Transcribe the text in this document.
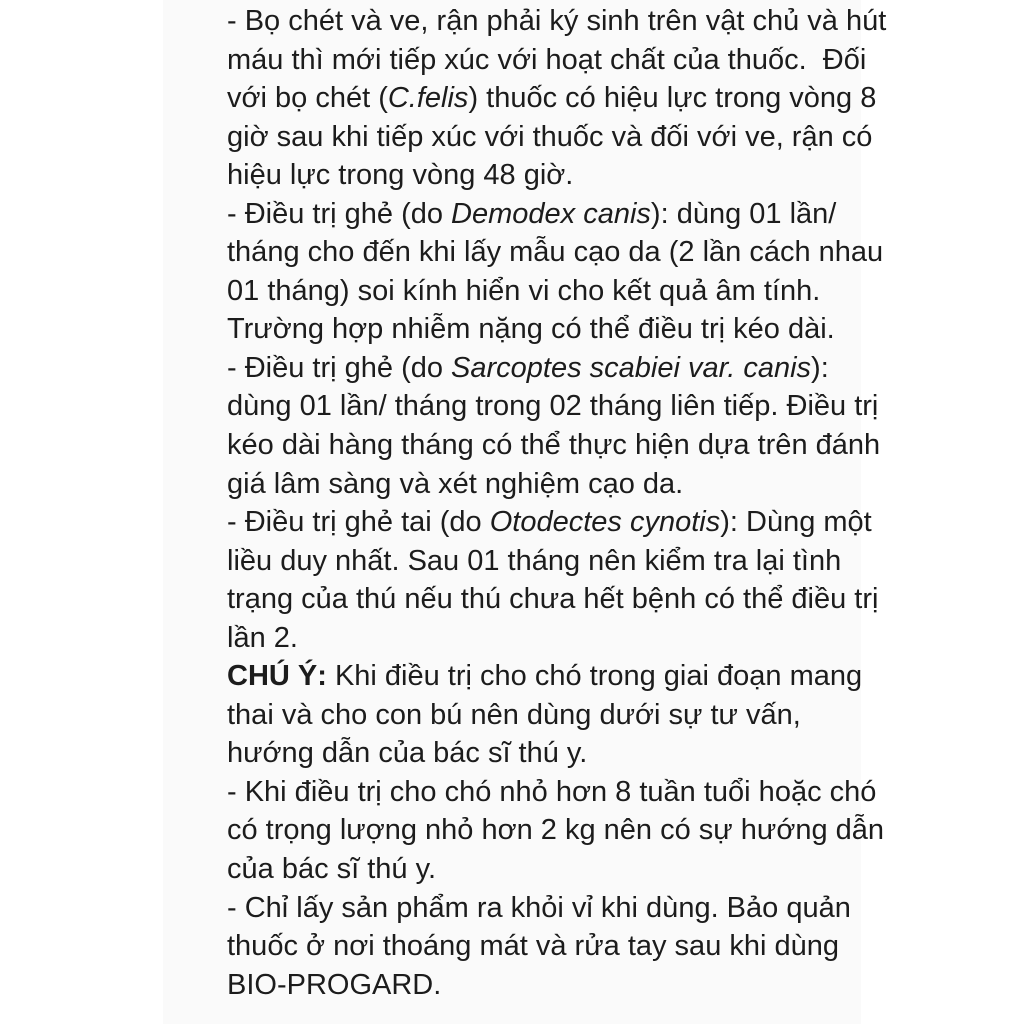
- Bọ chét và ve, rận phải ký sinh trên vật chủ và hút
máu thì mới tiếp xúc với hoạt chất của thuốc.  Đối
với bọ chét (C.felis) thuốc có hiệu lực trong vòng 8
giờ sau khi tiếp xúc với thuốc và đối với ve, rận có
hiệu lực trong vòng 48 giờ.
- Điều trị ghẻ (do Demodex canis): dùng 01 lần/
tháng cho đến khi lấy mẫu cạo da (2 lần cách nhau
01 tháng) soi kính hiển vi cho kết quả âm tính.
Trường hợp nhiễm nặng có thể điều trị kéo dài.
- Điều trị ghẻ (do Sarcoptes scabiei var. canis):
dùng 01 lần/ tháng trong 02 tháng liên tiếp. Điều trị
kéo dài hàng tháng có thể thực hiện dựa trên đánh
giá lâm sàng và xét nghiệm cạo da.
- Điều trị ghẻ tai (do Otodectes cynotis): Dùng một
liều duy nhất. Sau 01 tháng nên kiểm tra lại tình
trạng của thú nếu thú chưa hết bệnh có thể điều trị
lần 2.
CHÚ Ý: Khi điều trị cho chó trong giai đoạn mang
thai và cho con bú nên dùng dưới sự tư vấn,
hướng dẫn của bác sĩ thú y.
- Khi điều trị cho chó nhỏ hơn 8 tuần tuổi hoặc chó
có trọng lượng nhỏ hơn 2 kg nên có sự hướng dẫn
của bác sĩ thú y.
- Chỉ lấy sản phẩm ra khỏi vỉ khi dùng. Bảo quản
thuốc ở nơi thoáng mát và rửa tay sau khi dùng
BIO-PROGARD.
